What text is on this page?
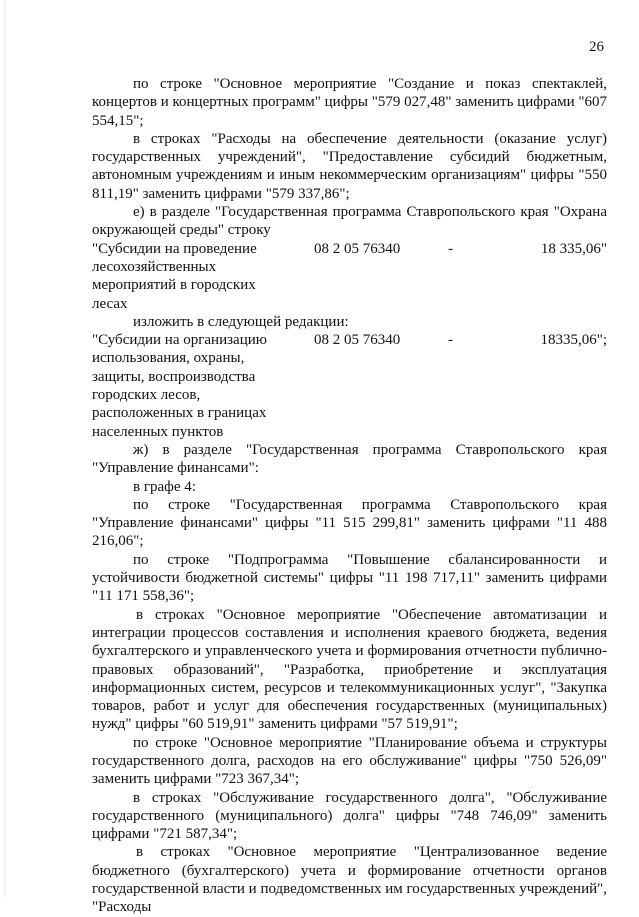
26

по строке "Основное мероприятие "Создание и показ спектаклей, концертов и концертных программ" цифры "579 027,48" заменить цифрами "607 554,15";

в строках "Расходы на обеспечение деятельности (оказание услуг) государственных учреждений", "Предоставление субсидий бюджетным, автономным учреждениям и иным некоммерческим организациям" цифры "550 811,19" заменить цифрами "579 337,86";

е) в разделе "Государственная программа Ставропольского края "Охрана окружающей среды" строку

"Субсидии на проведение лесохозяйственных мероприятий в городских лесах
08 2 05 76340	-	18 335,06"

изложить в следующей редакции:

"Субсидии на организацию использования, охраны, защиты, воспроизводства городских лесов, расположенных в границах населенных пунктов
08 2 05 76340	-	18335,06";

ж) в разделе "Государственная программа Ставропольского края "Управление финансами":

в графе 4:

по строке "Государственная программа Ставропольского края "Управление финансами" цифры "11 515 299,81" заменить цифрами "11 488 216,06";

по строке "Подпрограмма "Повышение сбалансированности и устойчивости бюджетной системы" цифры "11 198 717,11" заменить цифрами "11 171 558,36";

в строках "Основное мероприятие "Обеспечение автоматизации и интеграции процессов составления и исполнения краевого бюджета, ведения бухгалтерского и управленческого учета и формирования отчетности публично-правовых образований", "Разработка, приобретение и эксплуатация информационных систем, ресурсов и телекоммуникационных услуг", "Закупка товаров, работ и услуг для обеспечения государственных (муниципальных) нужд" цифры "60 519,91" заменить цифрами "57 519,91";

по строке "Основное мероприятие "Планирование объема и структуры государственного долга, расходов на его обслуживание" цифры "750 526,09" заменить цифрами "723 367,34";

в строках "Обслуживание государственного долга", "Обслуживание государственного (муниципального) долга" цифры "748 746,09" заменить цифрами "721 587,34";

в строках "Основное мероприятие "Централизованное ведение бюджетного (бухгалтерского) учета и формирование отчетности органов государственной власти и подведомственных им государственных учреждений", "Расходы
